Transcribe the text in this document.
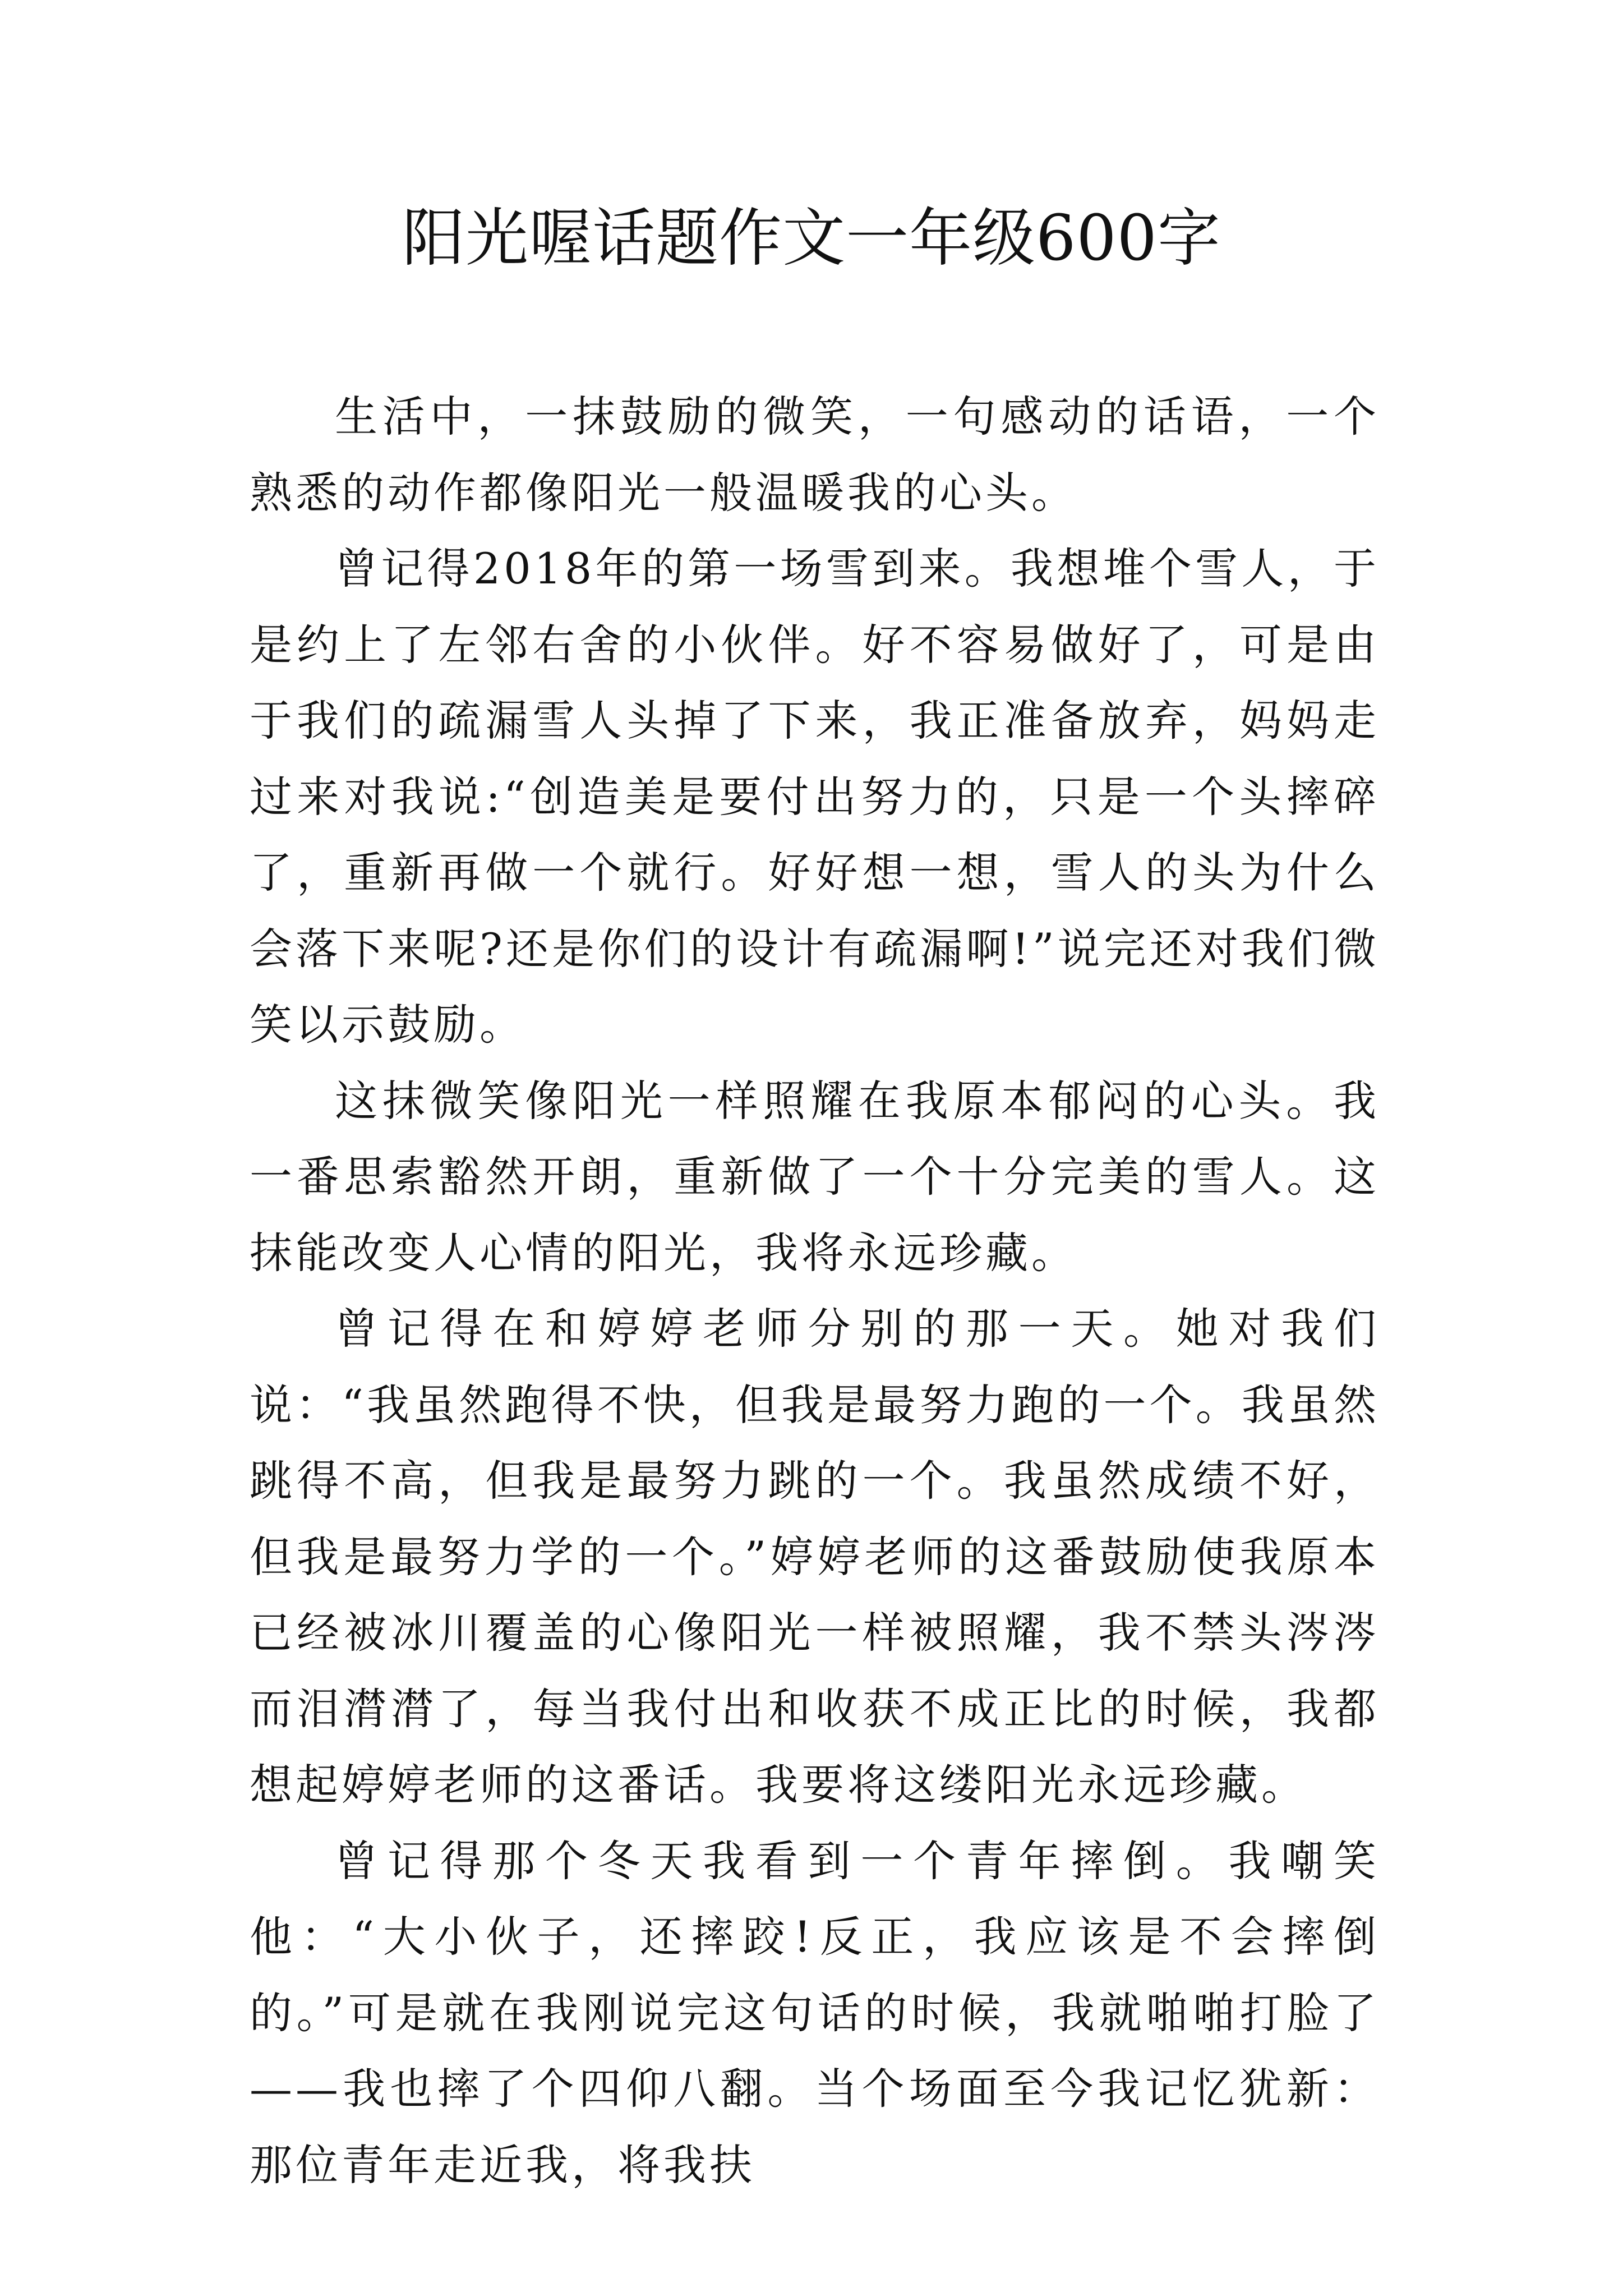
阳光喔话题作文一年级600字

生活中，一抹鼓励的微笑，一句感动的话语，一个熟悉的动作都像阳光一般温暖我的心头。

曾记得2018年的第一场雪到来。我想堆个雪人，于是约上了左邻右舍的小伙伴。好不容易做好了，可是由于我们的疏漏雪人头掉了下来，我正准备放弃，妈妈走过来对我说:“创造美是要付出努力的，只是一个头摔碎了，重新再做一个就行。好好想一想，雪人的头为什么会落下来呢?还是你们的设计有疏漏啊!”说完还对我们微笑以示鼓励。

这抹微笑像阳光一样照耀在我原本郁闷的心头。我一番思索豁然开朗，重新做了一个十分完美的雪人。这抹能改变人心情的阳光，我将永远珍藏。

曾记得在和婷婷老师分别的那一天。她对我们说：“我虽然跑得不快，但我是最努力跑的一个。我虽然跳得不高，但我是最努力跳的一个。我虽然成绩不好，但我是最努力学的一个。”婷婷老师的这番鼓励使我原本已经被冰川覆盖的心像阳光一样被照耀，我不禁头涔涔而泪潸潸了，每当我付出和收获不成正比的时候，我都想起婷婷老师的这番话。我要将这缕阳光永远珍藏。

曾记得那个冬天我看到一个青年摔倒。我嘲笑他：“大小伙子，还摔跤!反正，我应该是不会摔倒的。”可是就在我刚说完这句话的时候，我就啪啪打脸了——我也摔了个四仰八翻。当个场面至今我记忆犹新：那位青年走近我，将我扶
